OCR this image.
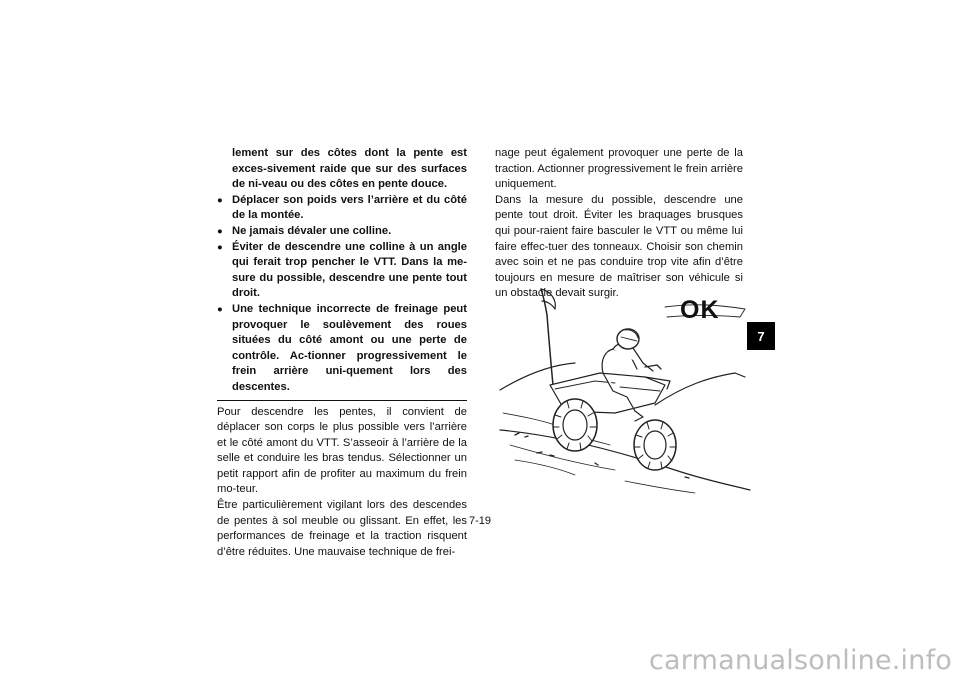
lement sur des côtes dont la pente est exces-sivement raide que sur des surfaces de ni-veau ou des côtes en pente douce.

● Déplacer son poids vers l’arrière et du côté de la montée.
● Ne jamais dévaler une colline.
● Éviter de descendre une colline à un angle qui ferait trop pencher le VTT. Dans la me-sure du possible, descendre une pente tout droit.
● Une technique incorrecte de freinage peut provoquer le soulèvement des roues situées du côté amont ou une perte de contrôle. Ac-tionner progressivement le frein arrière uni-quement lors des descentes.

Pour descendre les pentes, il convient de déplacer son corps le plus possible vers l’arrière et le côté amont du VTT. S’asseoir à l’arrière de la selle et conduire les bras tendus. Sélectionner un petit rapport afin de profiter au maximum du frein mo-teur.

Être particulièrement vigilant lors des descendes de pentes à sol meuble ou glissant. En effet, les performances de freinage et la traction risquent d’être réduites. Une mauvaise technique de frei-

nage peut également provoquer une perte de la traction. Actionner progressivement le frein arrière uniquement.

Dans la mesure du possible, descendre une pente tout droit. Éviter les braquages brusques qui pour-raient faire basculer le VTT ou même lui faire effec-tuer des tonneaux. Choisir son chemin avec soin et ne pas conduire trop vite afin d’être toujours en mesure de maîtriser son véhicule si un obstacle devait surgir.

OK
7
7-19
carmanualsonline.info
